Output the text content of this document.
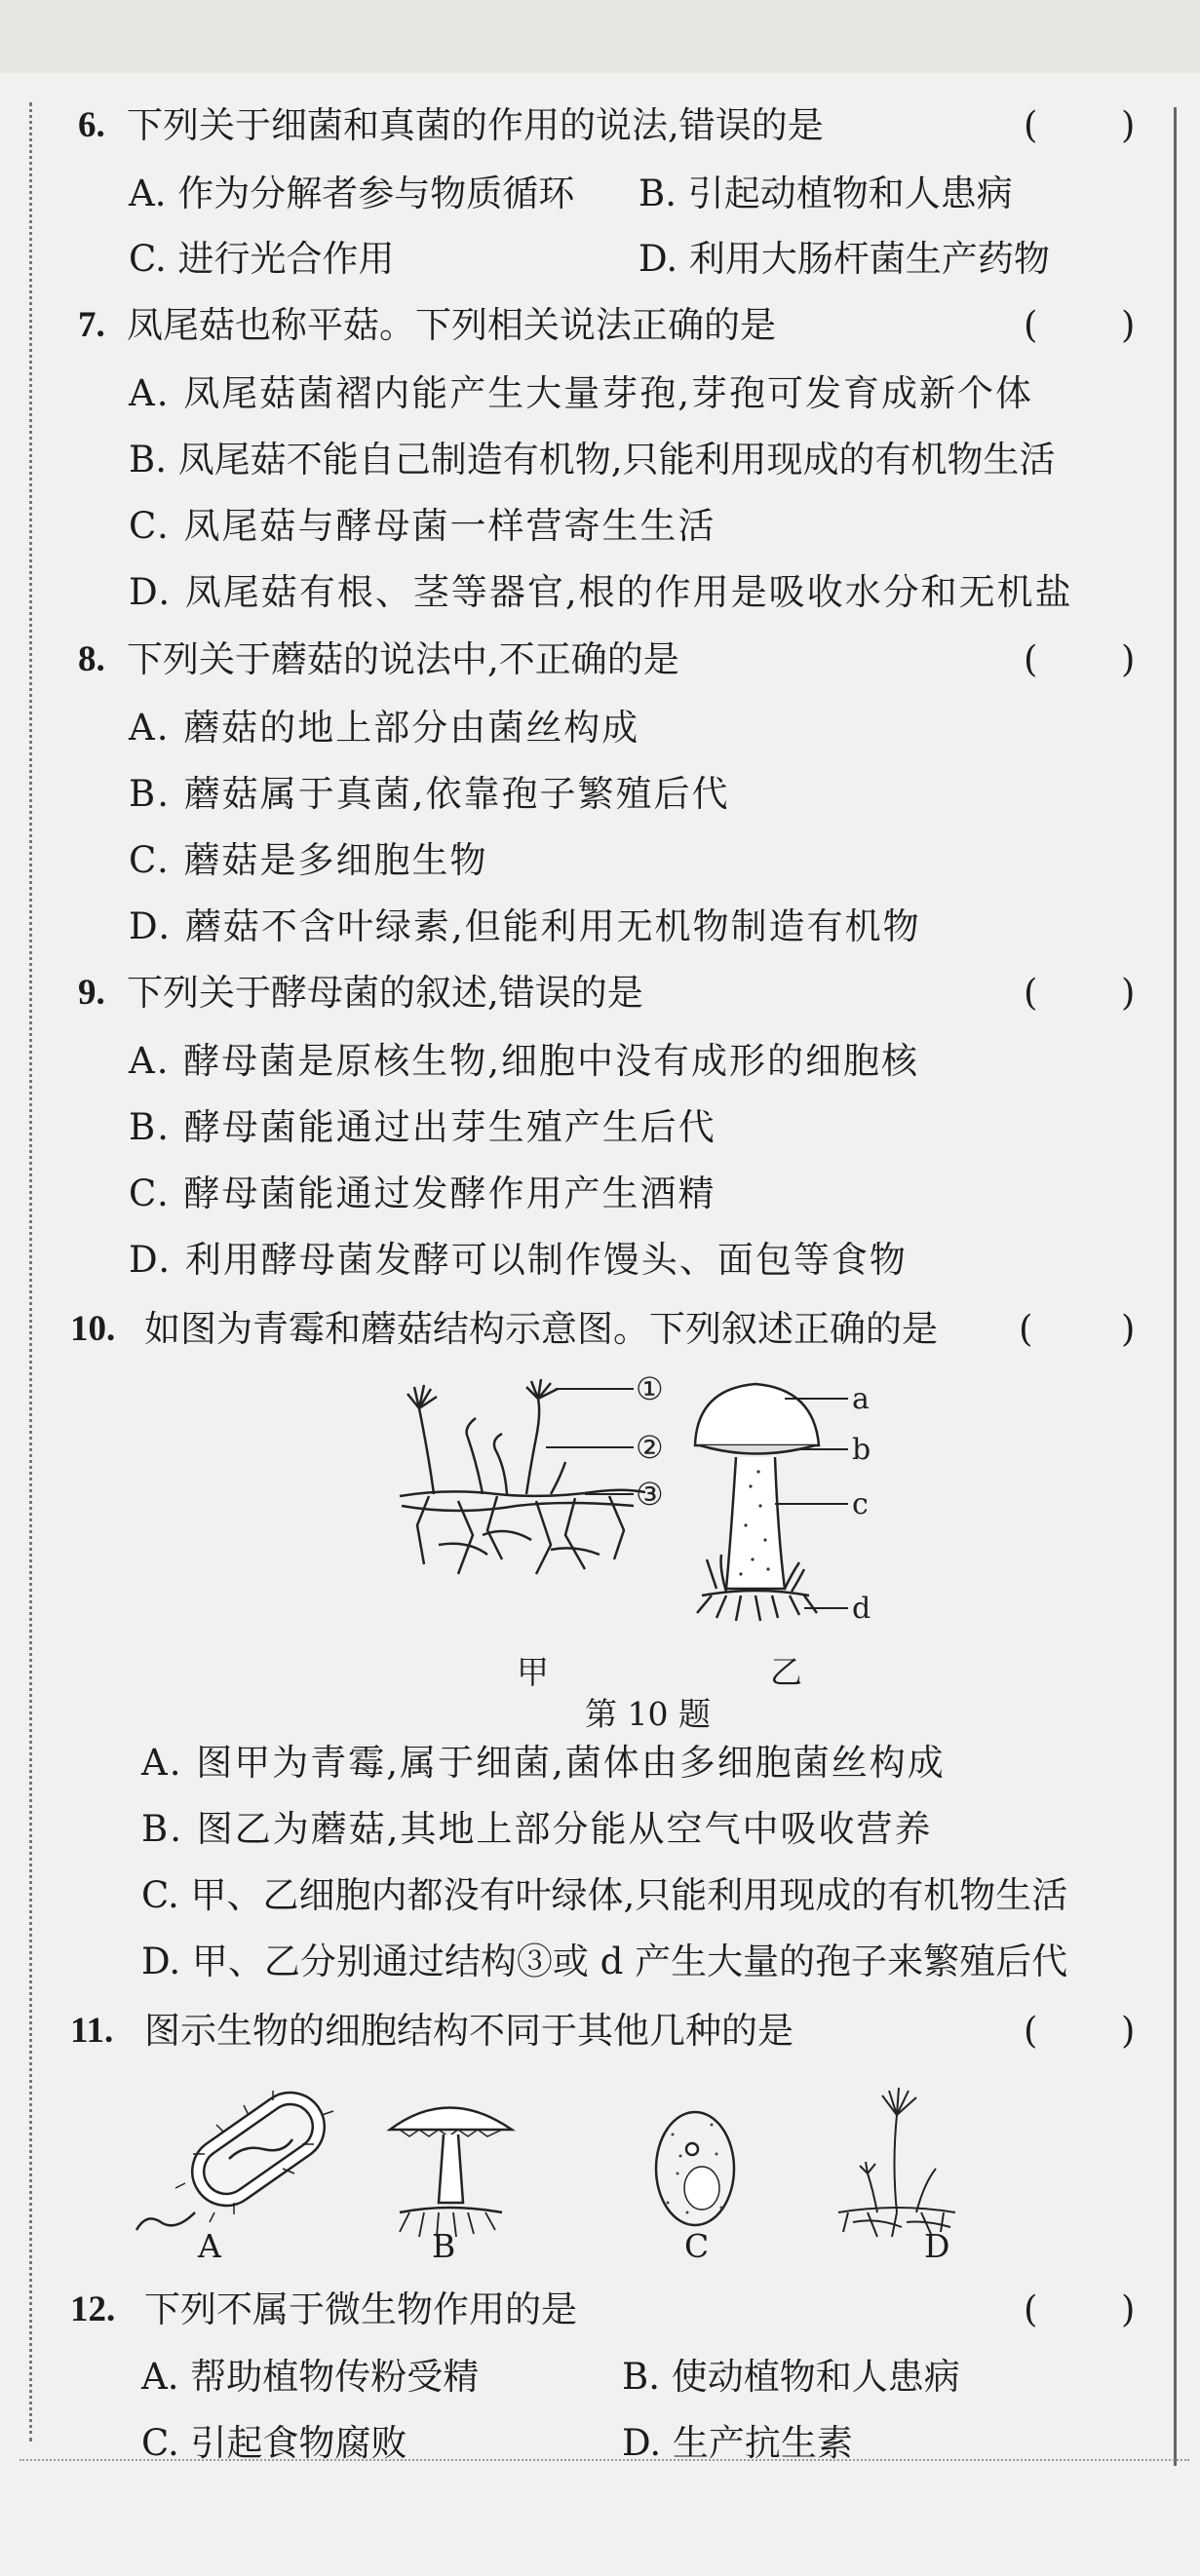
6. 下列关于细菌和真菌的作用的说法,错误的是	( )
A. 作为分解者参与物质循环 B. 引起动植物和人患病
C. 进行光合作用	D. 利用大肠杆菌生产药物
7. 凤尾菇也称平菇。下列相关说法正确的是	( )
A. 凤尾菇菌褶内能产生大量芽孢,芽孢可发育成新个体
B. 凤尾菇不能自己制造有机物,只能利用现成的有机物生活
C. 凤尾菇与酵母菌一样营寄生生活
D. 凤尾菇有根、茎等器官,根的作用是吸收水分和无机盐
8. 下列关于蘑菇的说法中,不正确的是	( )
A. 蘑菇的地上部分由菌丝构成
B. 蘑菇属于真菌,依靠孢子繁殖后代
C. 蘑菇是多细胞生物
D. 蘑菇不含叶绿素,但能利用无机物制造有机物
9. 下列关于酵母菌的叙述,错误的是	( )
A. 酵母菌是原核生物,细胞中没有成形的细胞核
B. 酵母菌能通过出芽生殖产生后代
C. 酵母菌能通过发酵作用产生酒精
D. 利用酵母菌发酵可以制作馒头、面包等食物
10. 如图为青霉和蘑菇结构示意图。下列叙述正确的是 ( )
①
②
③
a
b
c
d
甲	乙
第 10 题
A. 图甲为青霉,属于细菌,菌体由多细胞菌丝构成
B. 图乙为蘑菇,其地上部分能从空气中吸收营养
C. 甲、乙细胞内都没有叶绿体,只能利用现成的有机物生活
D. 甲、乙分别通过结构③或 d 产生大量的孢子来繁殖后代
11. 图示生物的细胞结构不同于其他几种的是	( )
A	B	C	D
12. 下列不属于微生物作用的是	( )
A. 帮助植物传粉受精	B. 使动植物和人患病
C. 引起食物腐败	D. 生产抗生素
